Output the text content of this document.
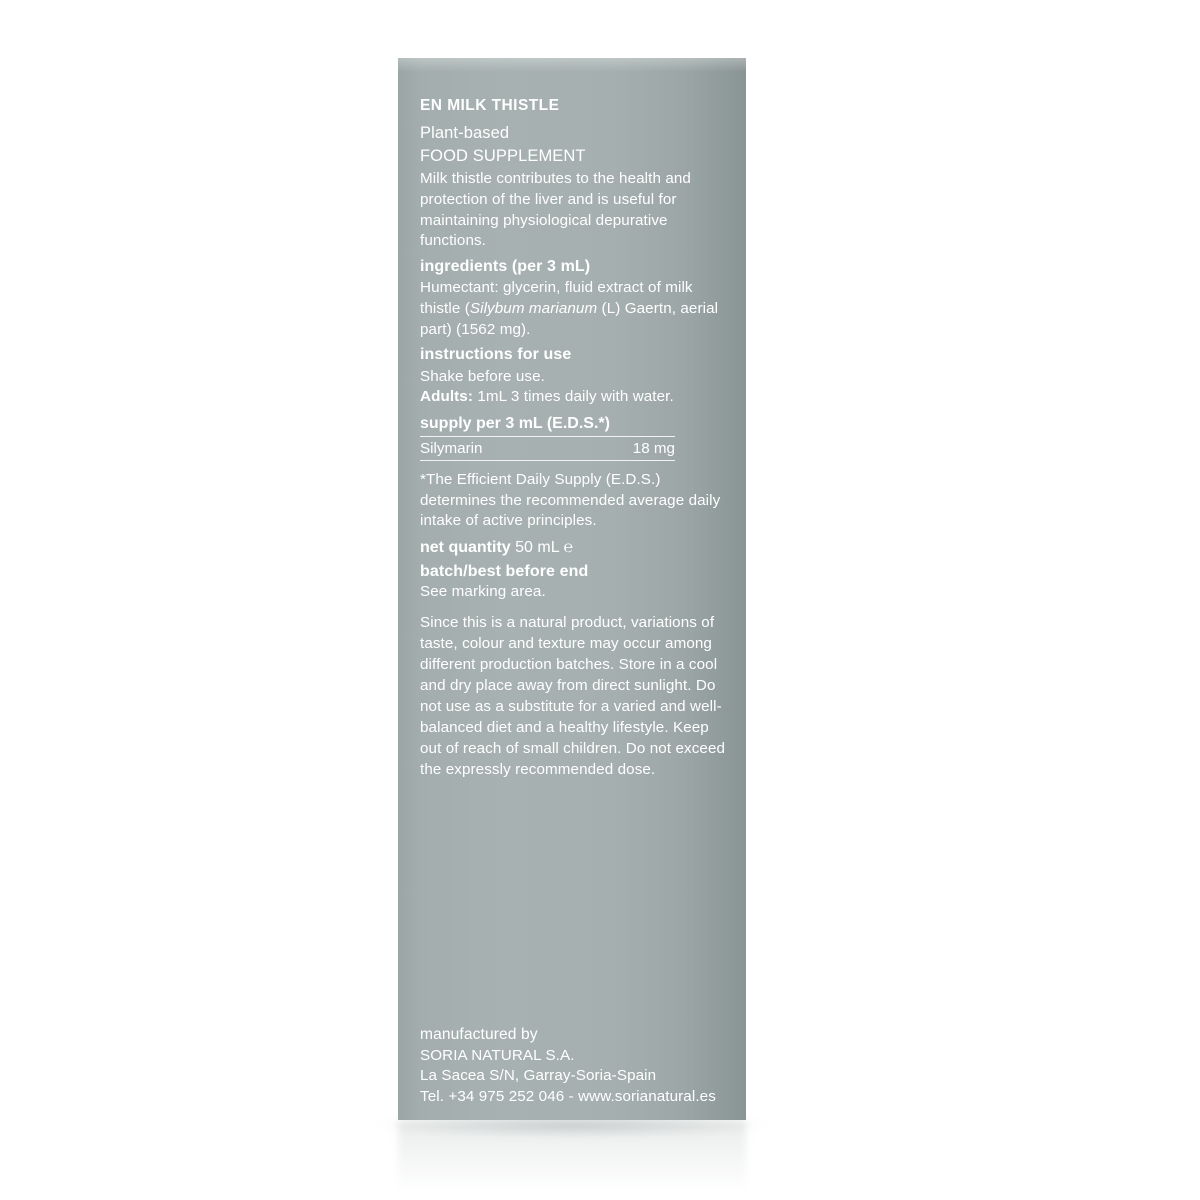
EN MILK THISTLE
Plant-based
FOOD SUPPLEMENT
Milk thistle contributes to the health and protection of the liver and is useful for maintaining physiological depurative functions.
ingredients (per 3 mL)
Humectant: glycerin, fluid extract of milk thistle (Silybum marianum (L) Gaertn, aerial part) (1562 mg).
instructions for use
Shake before use.
Adults: 1mL 3 times daily with water.
supply per 3 mL (E.D.S.*)
Silymarin	18 mg
*The Efficient Daily Supply (E.D.S.) determines the recommended average daily intake of active principles.
net quantity 50 mL ℮
batch/best before end
See marking area.
Since this is a natural product, variations of taste, colour and texture may occur among different production batches. Store in a cool and dry place away from direct sunlight. Do not use as a substitute for a varied and well-balanced diet and a healthy lifestyle. Keep out of reach of small children. Do not exceed the expressly recommended dose.
manufactured by
SORIA NATURAL S.A.
La Sacea S/N, Garray-Soria-Spain
Tel. +34 975 252 046 - www.sorianatural.es
